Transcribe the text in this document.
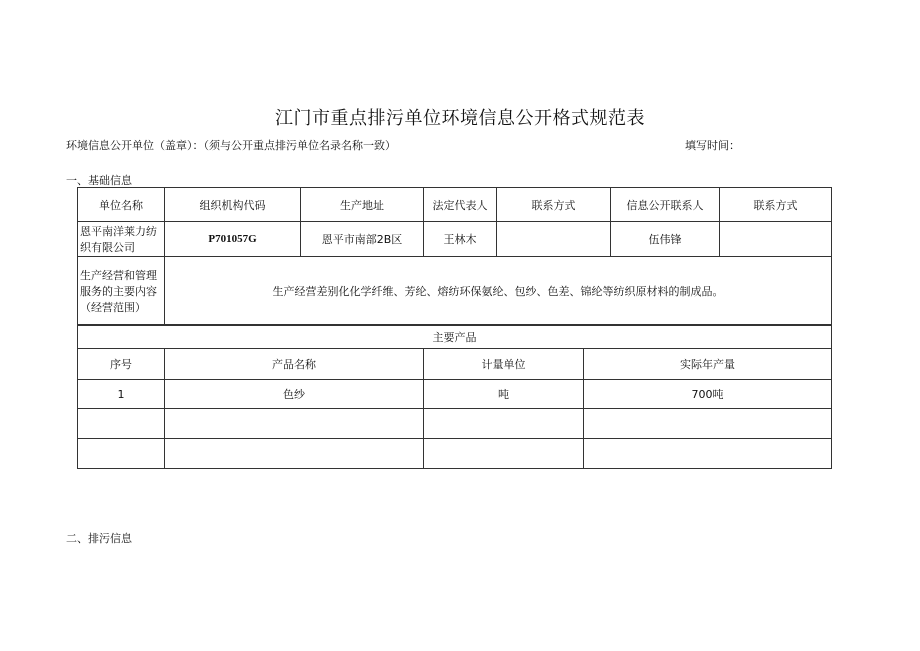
江门市重点排污单位环境信息公开格式规范表
环境信息公开单位（盖章）：（须与公开重点排污单位名录名称一致）	填写时间：
一、基础信息
单位名称	组织机构代码	生产地址	法定代表人	联系方式	信息公开联系人	联系方式
恩平南洋莱力纺织有限公司	P701057G	恩平市南部2B区	王林木		伍伟锋	
生产经营和管理服务的主要内容（经营范围）	生产经营差别化化学纤维、芳纶、熔纺环保氨纶、包纱、色差、锦纶等纺织原材料的制成品。					
主要产品			
序号	产品名称	计量单位	实际年产量
1	色纱	吨	700吨

二、排污信息
